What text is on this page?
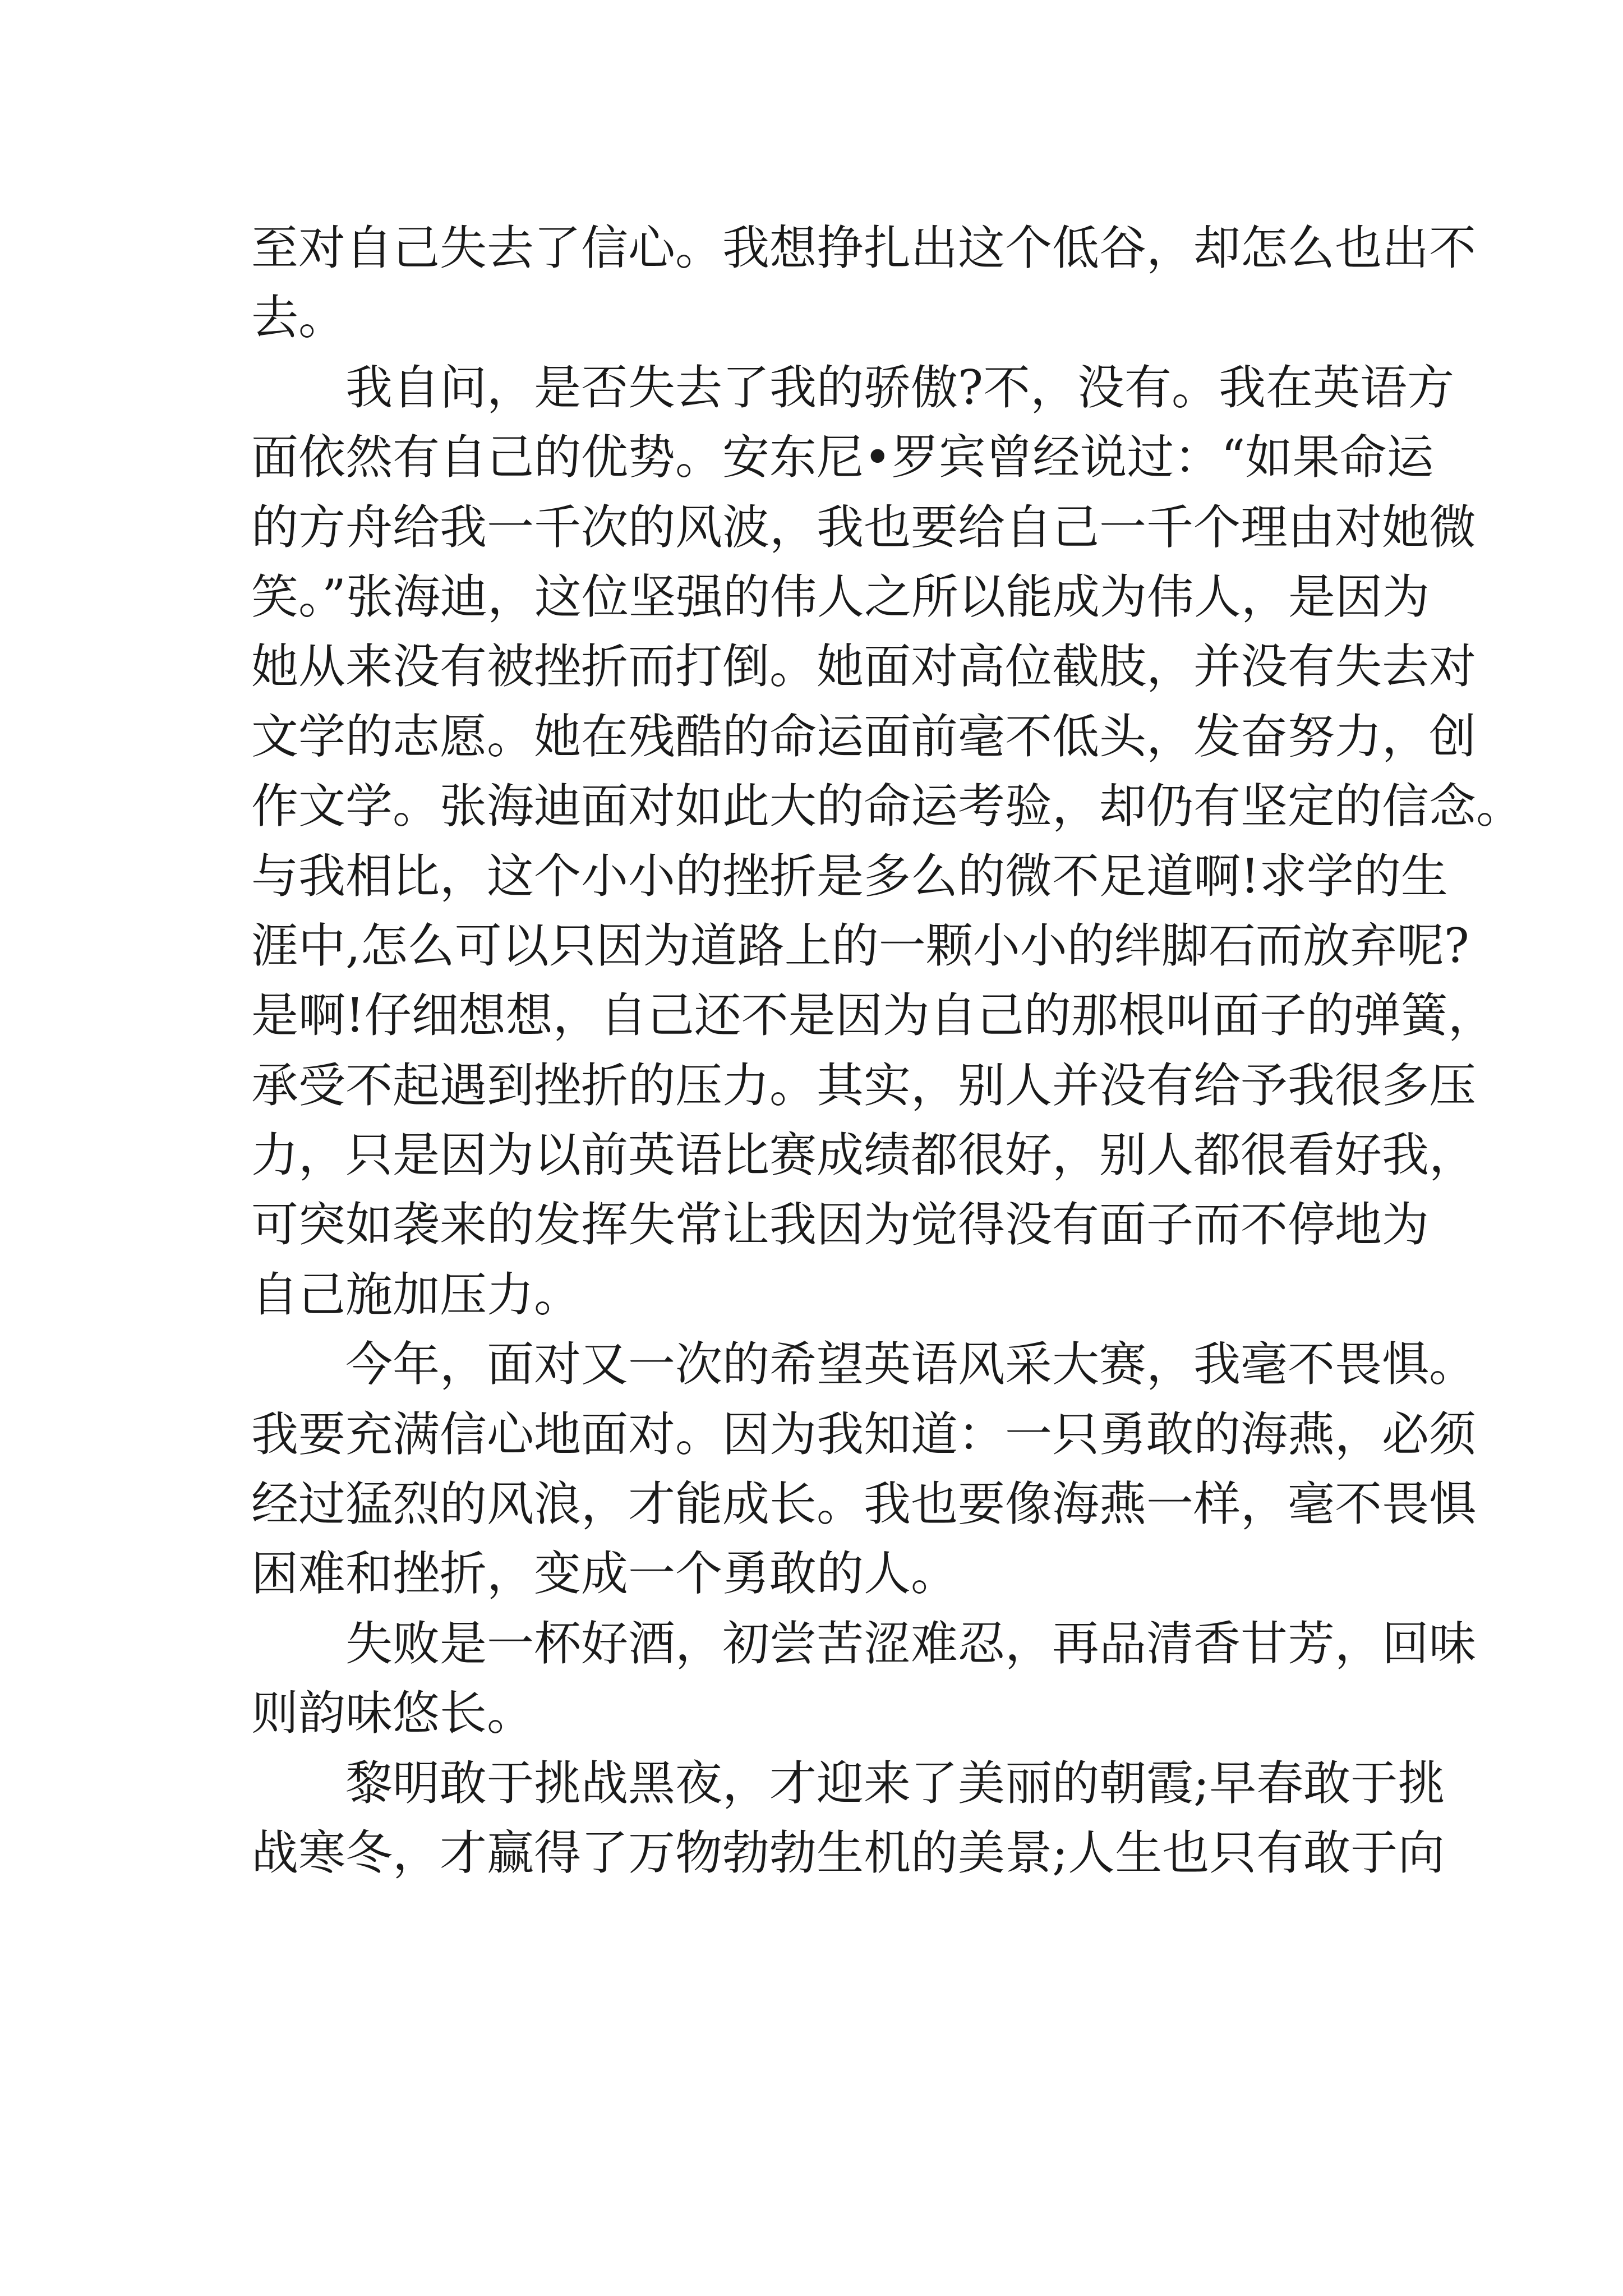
至对自己失去了信心。我想挣扎出这个低谷，却怎么也出不
去。
我自问，是否失去了我的骄傲?不，没有。我在英语方
面依然有自己的优势。安东尼•罗宾曾经说过：“如果命运
的方舟给我一千次的风波，我也要给自己一千个理由对她微
笑。”张海迪，这位坚强的伟人之所以能成为伟人，是因为
她从来没有被挫折而打倒。她面对高位截肢，并没有失去对
文学的志愿。她在残酷的命运面前毫不低头，发奋努力，创
作文学。张海迪面对如此大的命运考验，却仍有坚定的信念。
与我相比，这个小小的挫折是多么的微不足道啊!求学的生
涯中,怎么可以只因为道路上的一颗小小的绊脚石而放弃呢?
是啊!仔细想想，自己还不是因为自己的那根叫面子的弹簧，
承受不起遇到挫折的压力。其实，别人并没有给予我很多压
力，只是因为以前英语比赛成绩都很好，别人都很看好我，
可突如袭来的发挥失常让我因为觉得没有面子而不停地为
自己施加压力。
今年，面对又一次的希望英语风采大赛，我毫不畏惧。
我要充满信心地面对。因为我知道：一只勇敢的海燕，必须
经过猛烈的风浪，才能成长。我也要像海燕一样，毫不畏惧
困难和挫折，变成一个勇敢的人。
失败是一杯好酒，初尝苦涩难忍，再品清香甘芳，回味
则韵味悠长。
黎明敢于挑战黑夜，才迎来了美丽的朝霞;早春敢于挑
战寒冬，才赢得了万物勃勃生机的美景;人生也只有敢于向
